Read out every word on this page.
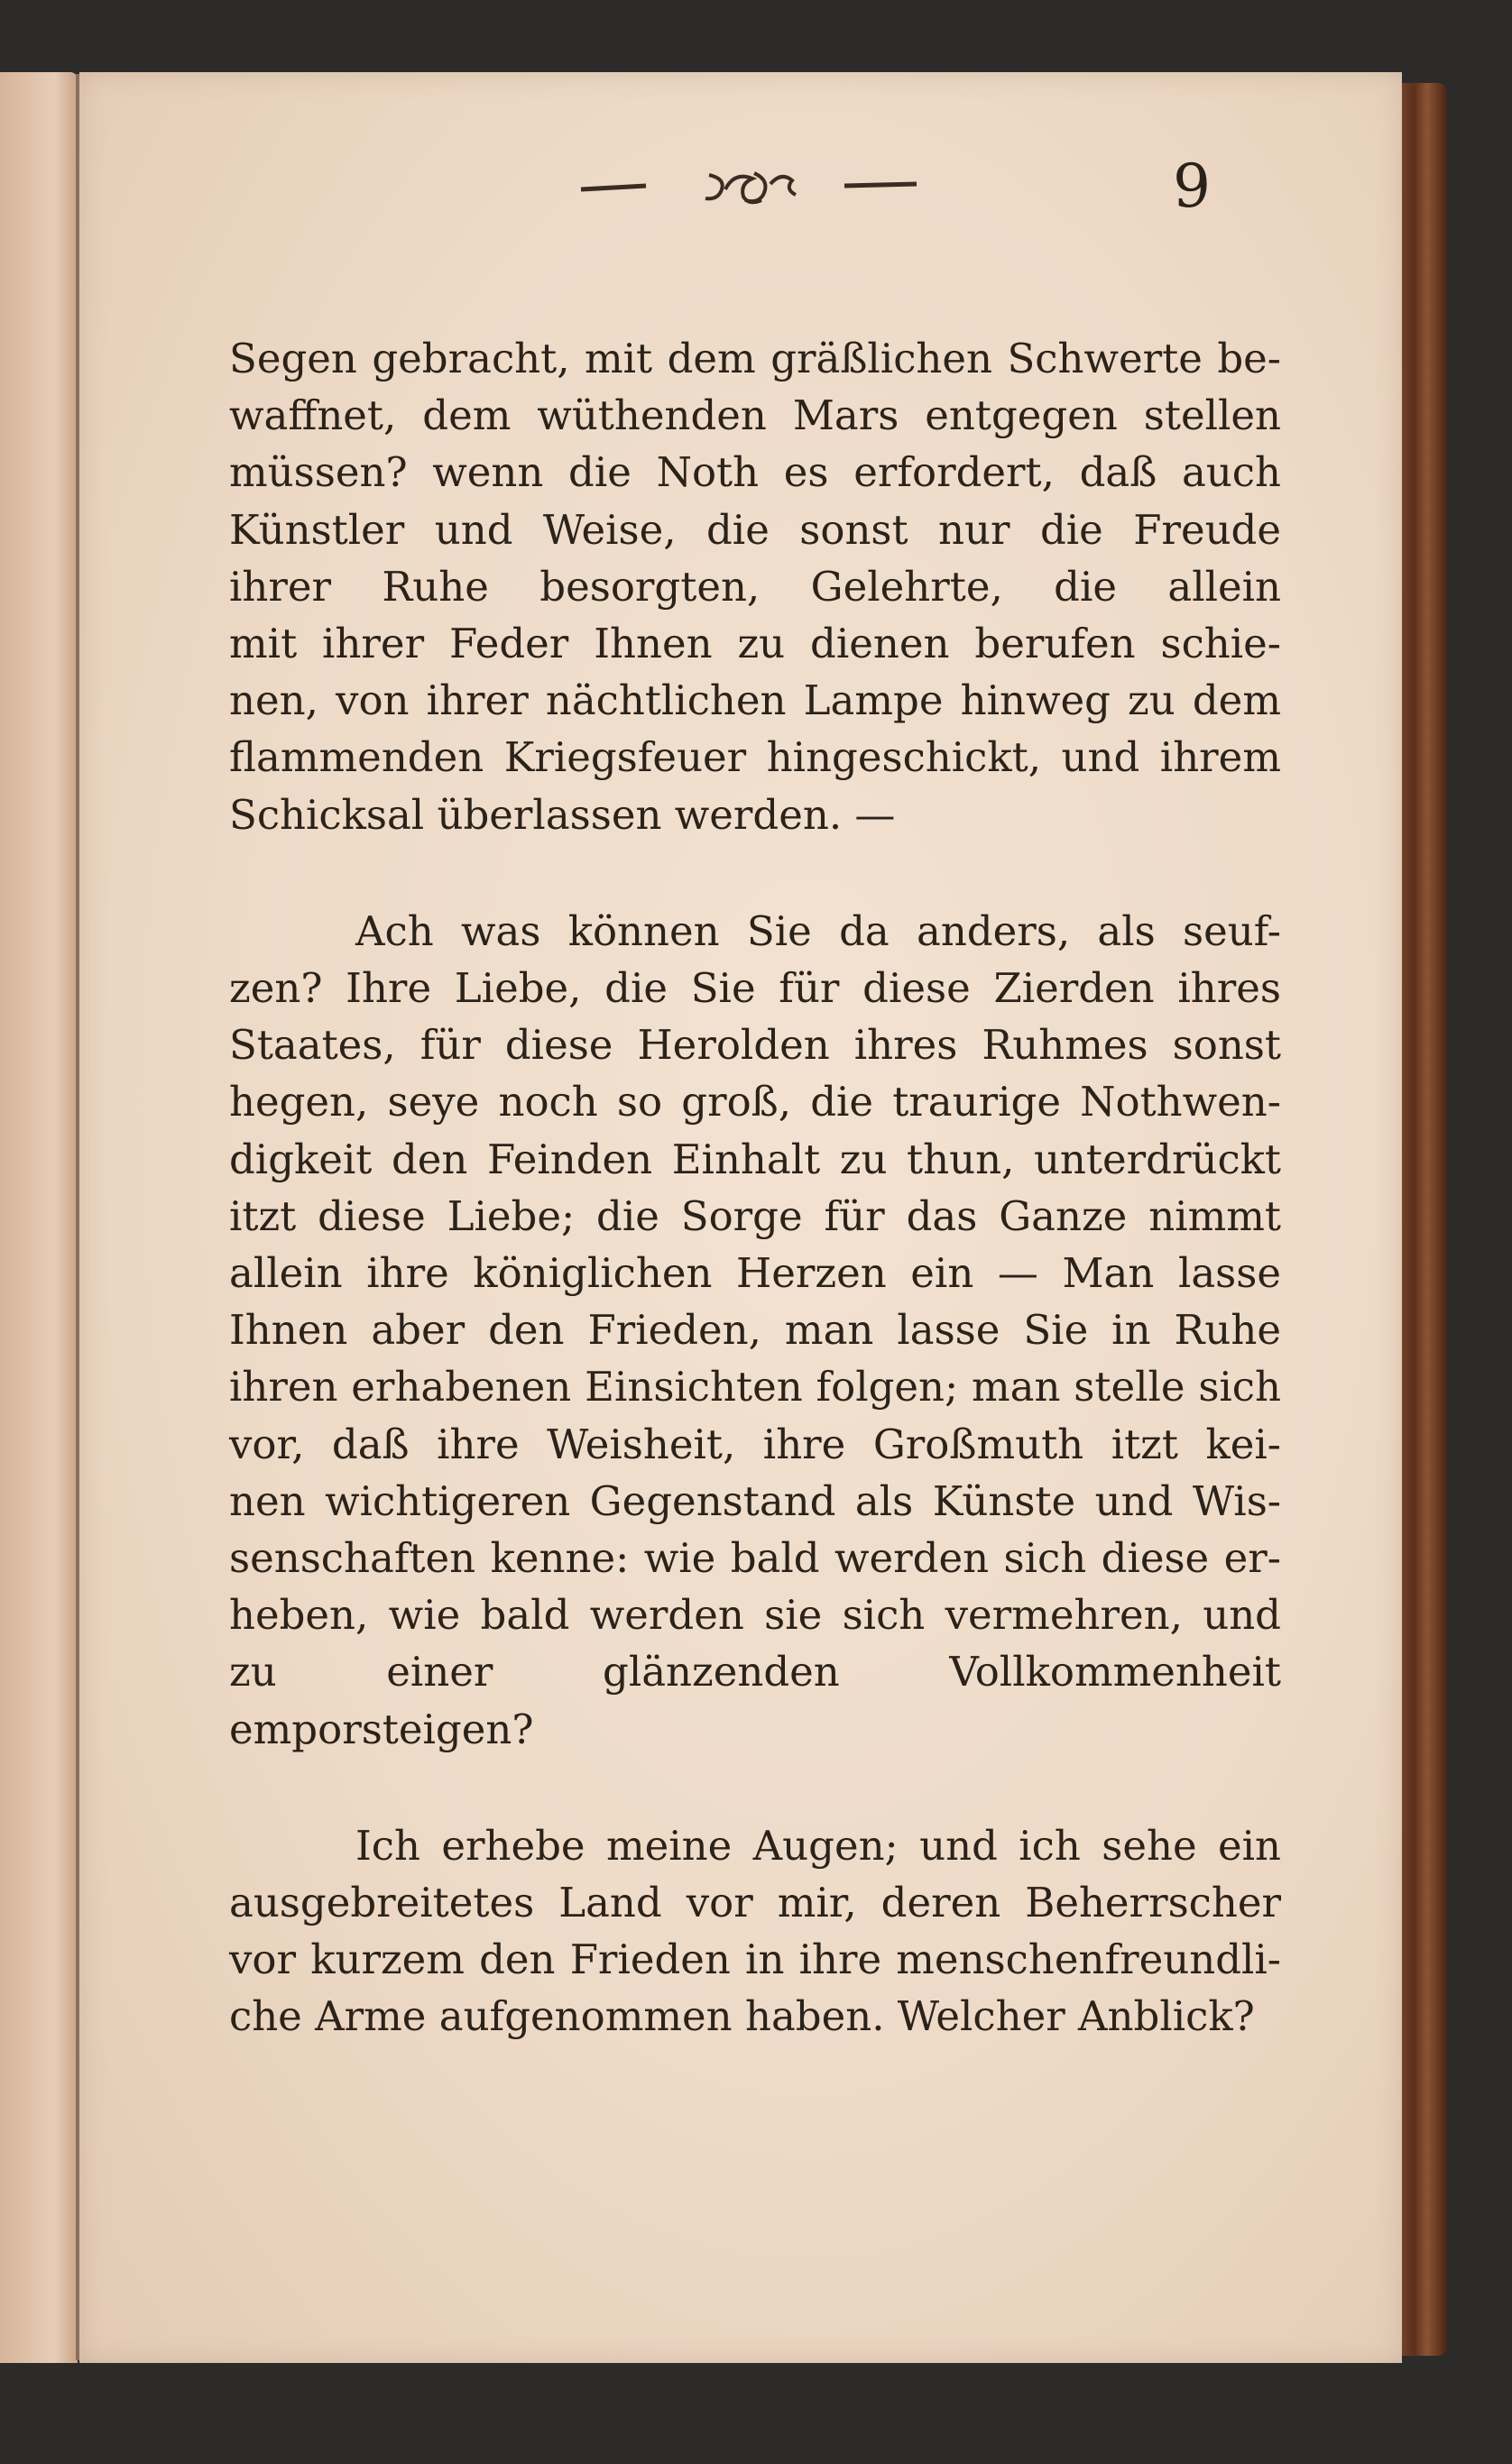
9
Segen gebracht, mit dem gräßlichen Schwerte be-
waffnet, dem wüthenden Mars entgegen stellen
müssen? wenn die Noth es erfordert, daß auch
Künstler und Weise, die sonst nur die Freude
ihrer Ruhe besorgten, Gelehrte, die allein
mit ihrer Feder Ihnen zu dienen berufen schie-
nen, von ihrer nächtlichen Lampe hinweg zu dem
flammenden Kriegsfeuer hingeschickt, und ihrem
Schicksal überlassen werden. —
Ach was können Sie da anders, als seuf-
zen? Ihre Liebe, die Sie für diese Zierden ihres
Staates, für diese Herolden ihres Ruhmes sonst
hegen, seye noch so groß, die traurige Nothwen-
digkeit den Feinden Einhalt zu thun, unterdrückt
itzt diese Liebe; die Sorge für das Ganze nimmt
allein ihre königlichen Herzen ein — Man lasse
Ihnen aber den Frieden, man lasse Sie in Ruhe
ihren erhabenen Einsichten folgen; man stelle sich
vor, daß ihre Weisheit, ihre Großmuth itzt kei-
nen wichtigeren Gegenstand als Künste und Wis-
senschaften kenne: wie bald werden sich diese er-
heben, wie bald werden sie sich vermehren, und
zu einer glänzenden Vollkommenheit emporsteigen?
Ich erhebe meine Augen; und ich sehe ein
ausgebreitetes Land vor mir, deren Beherrscher
vor kurzem den Frieden in ihre menschenfreundli-
che Arme aufgenommen haben. Welcher Anblick?
